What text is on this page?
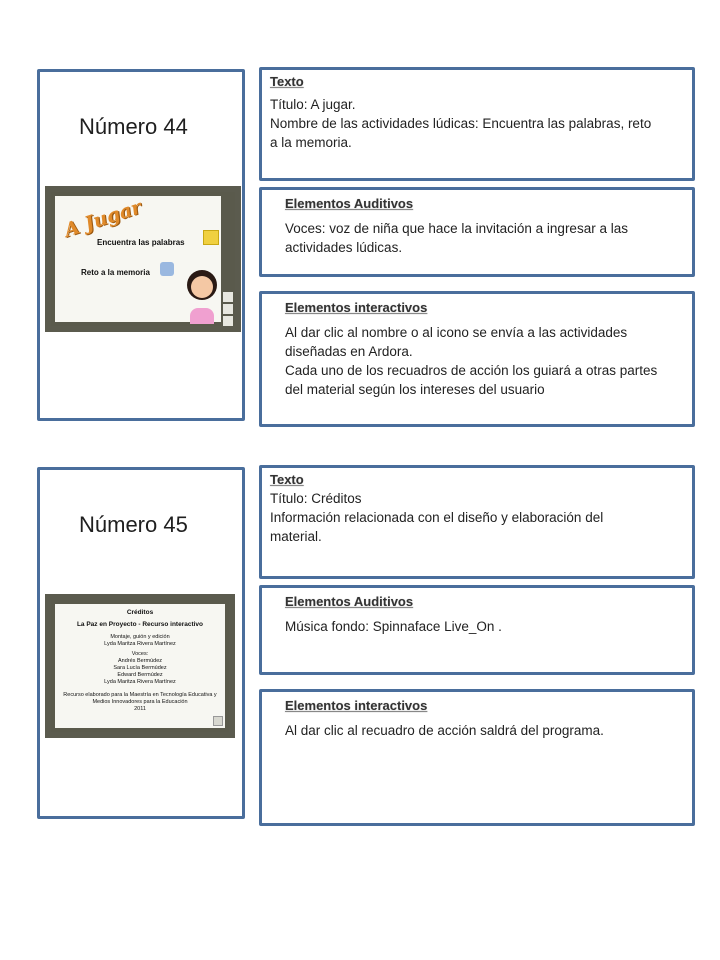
Número 44
A Jugar
Encuentra las palabras
Reto a la memoria
Texto
Título: A jugar.
Nombre de las actividades lúdicas: Encuentra las palabras, reto
a la memoria.
Elementos Auditivos
Voces: voz de niña que hace la invitación a ingresar a las
actividades lúdicas.
Elementos interactivos
Al dar clic al nombre o al icono se envía a las actividades
diseñadas en Ardora.
Cada uno de los recuadros de acción los guiará a otras partes
del material según los intereses del usuario
Número 45
Créditos
La Paz en Proyecto - Recurso interactivo
Montaje, guión y edición
Lyda Maritza Rivera Martínez
Voces:
Andrés Bermúdez
Sara Lucía Bermúdez
Edward Bermúdez
Lyda Maritza Rivera Martínez
Recurso elaborado para la Maestría en Tecnología Educativa y
Medios Innovadores para la Educación
2011
Texto
Título: Créditos
Información relacionada con el diseño y elaboración del
material.
Elementos Auditivos
Música fondo: Spinnaface Live_On .
Elementos interactivos
Al dar clic al recuadro de acción saldrá del programa.
